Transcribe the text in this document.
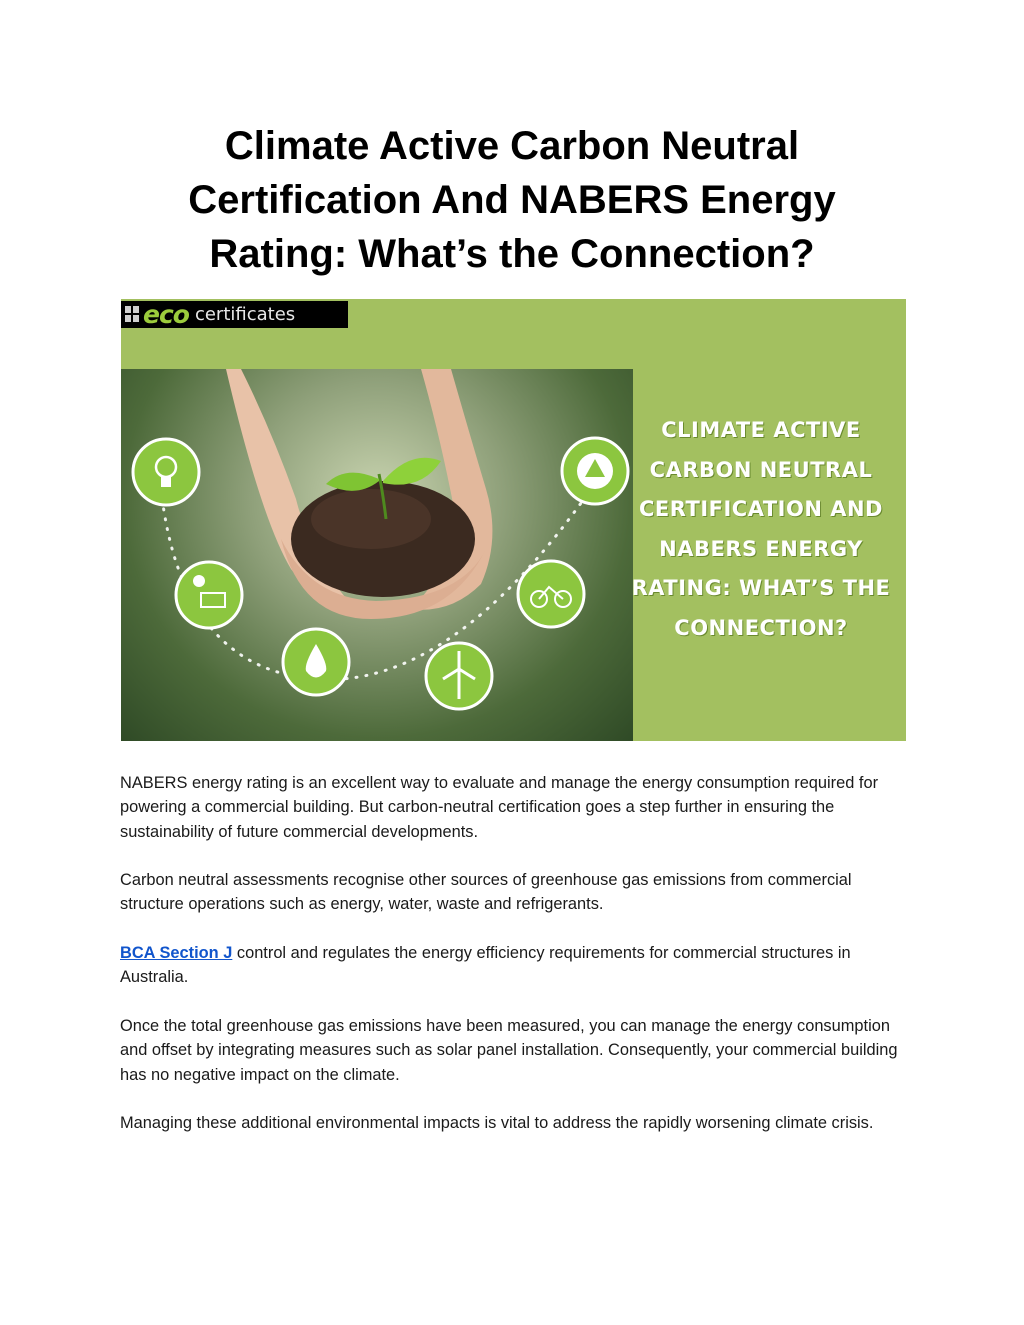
Climate Active Carbon Neutral
Certification And NABERS Energy
Rating: What’s the Connection?
eco certificates
CLIMATE ACTIVE
CARBON NEUTRAL
CERTIFICATION AND
NABERS ENERGY
RATING: WHAT’S THE
CONNECTION?

NABERS energy rating is an excellent way to evaluate and manage the energy consumption required for powering a commercial building. But carbon-neutral certification goes a step further in ensuring the sustainability of future commercial developments.

Carbon neutral assessments recognise other sources of greenhouse gas emissions from commercial structure operations such as energy, water, waste and refrigerants.

BCA Section J control and regulates the energy efficiency requirements for commercial structures in Australia.

Once the total greenhouse gas emissions have been measured, you can manage the energy consumption and offset by integrating measures such as solar panel installation. Consequently, your commercial building has no negative impact on the climate.

Managing these additional environmental impacts is vital to address the rapidly worsening climate crisis.
